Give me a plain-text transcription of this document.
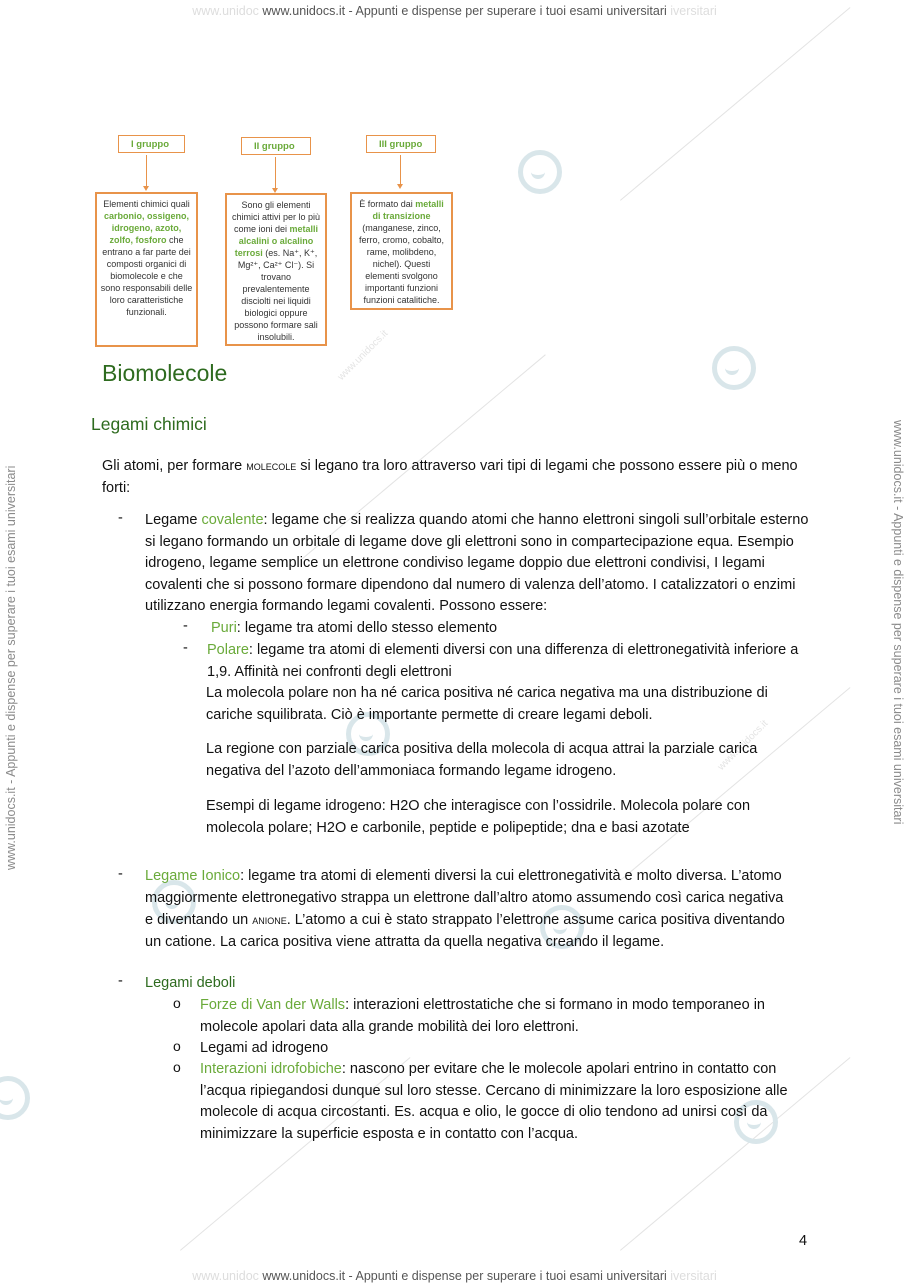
www.unidoc www.unidocs.it - Appunti e dispense per superare i tuoi esami universitari iversitari
www.unidoc www.unidocs.it - Appunti e dispense per superare i tuoi esami universitari iversitari
www.unidocs.it - Appunti e dispense per superare i tuoi esami universitari	www.unidocs.it - Appunti e dispense per superare i tuoi esami universitari
www.unidocs.it
www.unidocs.it
I gruppo
Elementi chimici quali carbonio, ossigeno, idrogeno, azoto, zolfo, fosforo che entrano a far parte dei composti organici di biomolecole e che sono responsabili delle loro caratteristiche funzionali.
II gruppo
Sono gli elementi chimici attivi per lo più come ioni dei metalli alcalini o alcalino terrosi (es. Na⁺, K⁺, Mg²⁺, Ca²⁺ Cl⁻). Si trovano prevalentemente disciolti nei liquidi biologici oppure possono formare sali insolubili.
III gruppo
È formato dai metalli di transizione (manganese, zinco, ferro, cromo, cobalto, rame, molibdeno, nichel). Questi elementi svolgono importanti funzioni funzioni catalitiche.
Biomolecole
Legami chimici

Gli atomi, per formare molecole si legano tra loro attraverso vari tipi di legami che possono essere più o meno forti:

- Legame covalente: legame che si realizza quando atomi che hanno elettroni singoli sull’orbitale esterno si legano formando un orbitale di legame dove gli elettroni sono in compartecipazione equa. Esempio idrogeno, legame semplice un elettrone condiviso legame doppio due elettroni condivisi, I legami covalenti che si possono formare dipendono dal numero di valenza dell’atomo. I catalizzatori o enzimi utilizzano energia formando legami covalenti. Possono essere:

- Puri: legame tra atomi dello stesso elemento

- Polare: legame tra atomi di elementi diversi con una differenza di elettronegatività inferiore a 1,9. Affinità nei confronti degli elettroni

La molecola polare non ha né carica positiva né carica negativa ma una distribuzione di cariche squilibrata. Ciò è importante permette di creare legami deboli.

La regione con parziale carica positiva della molecola di acqua attrai la parziale carica negativa del l’azoto dell’ammoniaca formando legame idrogeno.

Esempi di legame idrogeno: H2O che interagisce con l’ossidrile. Molecola polare con molecola polare; H2O e carbonile, peptide e polipeptide; dna e basi azotate

- Legame Ionico: legame tra atomi di elementi diversi la cui elettronegatività e molto diversa. L’atomo maggiormente elettronegativo strappa un elettrone dall’altro atomo assumendo così carica negativa e diventando un anione. L’atomo a cui è stato strappato l’elettrone assume carica positiva diventando un catione. La carica positiva viene attratta da quella negativa creando il legame.

- Legami deboli

o Forze di Van der Walls: interazioni elettrostatiche che si formano in modo temporaneo in molecole apolari data alla grande mobilità dei loro elettroni.

o Legami ad idrogeno

o Interazioni idrofobiche: nascono per evitare che le molecole apolari entrino in contatto con l’acqua ripiegandosi dunque sul loro stesse. Cercano di minimizzare la loro esposizione alle molecole di acqua circostanti. Es. acqua e olio, le gocce di olio tendono ad unirsi così da minimizzare la superficie esposta e in contatto con l’acqua.

4
